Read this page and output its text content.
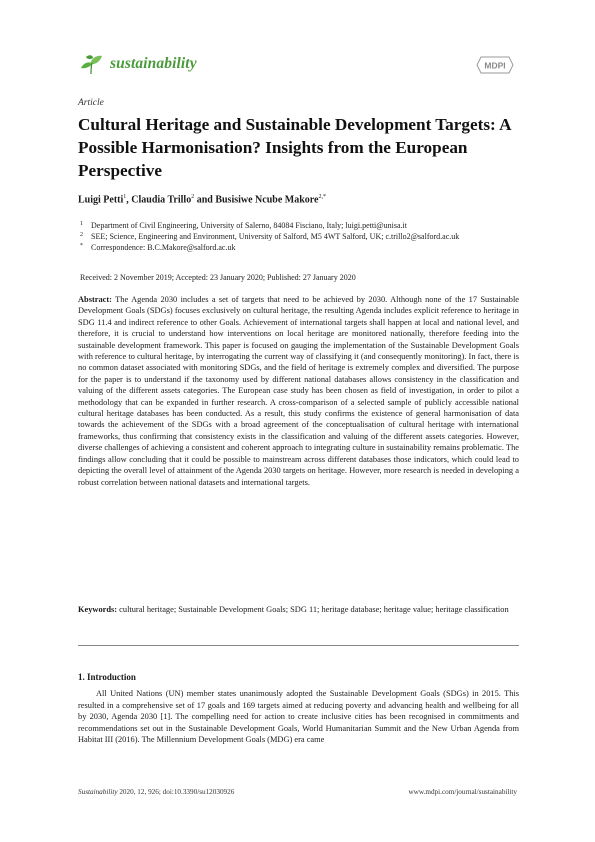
sustainability	MDPI
Article
Cultural Heritage and Sustainable Development Targets: A Possible Harmonisation? Insights from the European Perspective
Luigi Petti$^1$, Claudia Trillo$^2$ and Busisiwe Ncube Makore$^{2,*}$
1	Department of Civil Engineering, University of Salerno, 84084 Fisciano, Italy; luigi.petti@unisa.it
2	SEE; Science, Engineering and Environment, University of Salford, M5 4WT Salford, UK; c.trillo2@salford.ac.uk
*	Correspondence: B.C.Makore@salford.ac.uk
Received: 2 November 2019; Accepted: 23 January 2020; Published: 27 January 2020
Abstract: The Agenda 2030 includes a set of targets that need to be achieved by 2030. Although none of the 17 Sustainable Development Goals (SDGs) focuses exclusively on cultural heritage, the resulting Agenda includes explicit reference to heritage in SDG 11.4 and indirect reference to other Goals. Achievement of international targets shall happen at local and national level, and therefore, it is crucial to understand how interventions on local heritage are monitored nationally, therefore feeding into the sustainable development framework. This paper is focused on gauging the implementation of the Sustainable Development Goals with reference to cultural heritage, by interrogating the current way of classifying it (and consequently monitoring). In fact, there is no common dataset associated with monitoring SDGs, and the field of heritage is extremely complex and diversified. The purpose for the paper is to understand if the taxonomy used by different national databases allows consistency in the classification and valuing of the different assets categories. The European case study has been chosen as field of investigation, in order to pilot a methodology that can be expanded in further research. A cross-comparison of a selected sample of publicly accessible national cultural heritage databases has been conducted. As a result, this study confirms the existence of general harmonisation of data towards the achievement of the SDGs with a broad agreement of the conceptualisation of cultural heritage with international frameworks, thus confirming that consistency exists in the classification and valuing of the different assets categories. However, diverse challenges of achieving a consistent and coherent approach to integrating culture in sustainability remains problematic. The findings allow concluding that it could be possible to mainstream across different databases those indicators, which could lead to depicting the overall level of attainment of the Agenda 2030 targets on heritage. However, more research is needed in developing a robust correlation between national datasets and international targets.
Keywords: cultural heritage; Sustainable Development Goals; SDG 11; heritage database; heritage value; heritage classification
1. Introduction
All United Nations (UN) member states unanimously adopted the Sustainable Development Goals (SDGs) in 2015. This resulted in a comprehensive set of 17 goals and 169 targets aimed at reducing poverty and advancing health and wellbeing for all by 2030, Agenda 2030 [1]. The compelling need for action to create inclusive cities has been recognised in commitments and recommendations set out in the Sustainable Development Goals, World Humanitarian Summit and the New Urban Agenda from Habitat III (2016). The Millennium Development Goals (MDG) era came
Sustainability 2020, 12, 926; doi:10.3390/su12030926	www.mdpi.com/journal/sustainability
